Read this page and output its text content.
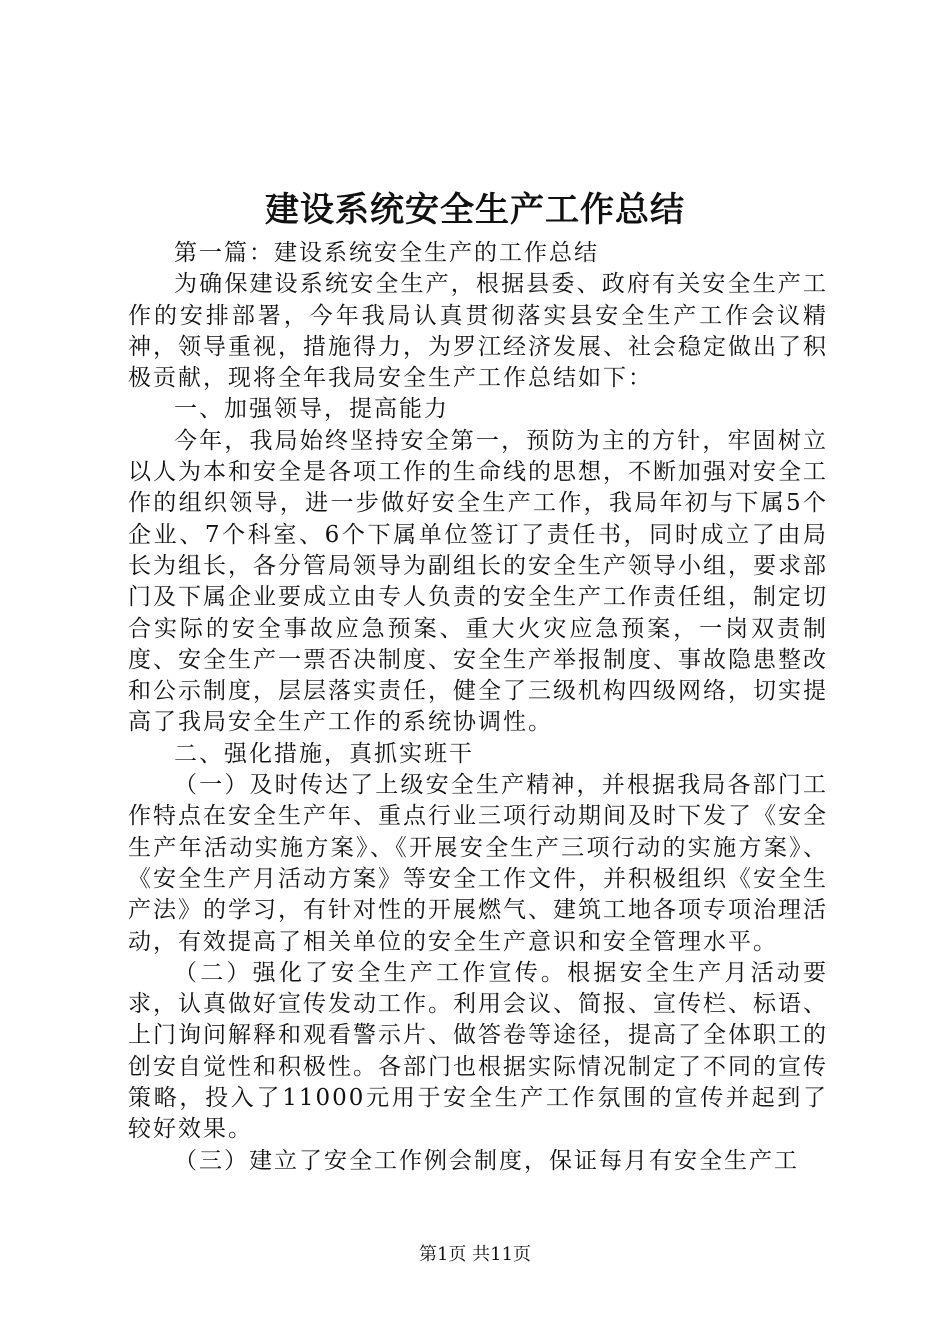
建设系统安全生产工作总结

第一篇：建设系统安全生产的工作总结

为确保建设系统安全生产，根据县委、政府有关安全生产工作的安排部署，今年我局认真贯彻落实县安全生产工作会议精神，领导重视，措施得力，为罗江经济发展、社会稳定做出了积极贡献，现将全年我局安全生产工作总结如下：

一、加强领导，提高能力

今年，我局始终坚持安全第一，预防为主的方针，牢固树立以人为本和安全是各项工作的生命线的思想，不断加强对安全工作的组织领导，进一步做好安全生产工作，我局年初与下属5个企业、7个科室、6个下属单位签订了责任书，同时成立了由局长为组长，各分管局领导为副组长的安全生产领导小组，要求部门及下属企业要成立由专人负责的安全生产工作责任组，制定切合实际的安全事故应急预案、重大火灾应急预案，一岗双责制度、安全生产一票否决制度、安全生产举报制度、事故隐患整改和公示制度，层层落实责任，健全了三级机构四级网络，切实提高了我局安全生产工作的系统协调性。

二、强化措施，真抓实班干

（一）及时传达了上级安全生产精神，并根据我局各部门工作特点在安全生产年、重点行业三项行动期间及时下发了《安全生产年活动实施方案》、《开展安全生产三项行动的实施方案》、《安全生产月活动方案》等安全工作文件，并积极组织《安全生产法》的学习，有针对性的开展燃气、建筑工地各项专项治理活动，有效提高了相关单位的安全生产意识和安全管理水平。

（二）强化了安全生产工作宣传。根据安全生产月活动要求，认真做好宣传发动工作。利用会议、简报、宣传栏、标语、上门询问解释和观看警示片、做答卷等途径，提高了全体职工的创安自觉性和积极性。各部门也根据实际情况制定了不同的宣传策略，投入了11000元用于安全生产工作氛围的宣传并起到了较好效果。

（三）建立了安全工作例会制度，保证每月有安全生产工

第1页 共11页
